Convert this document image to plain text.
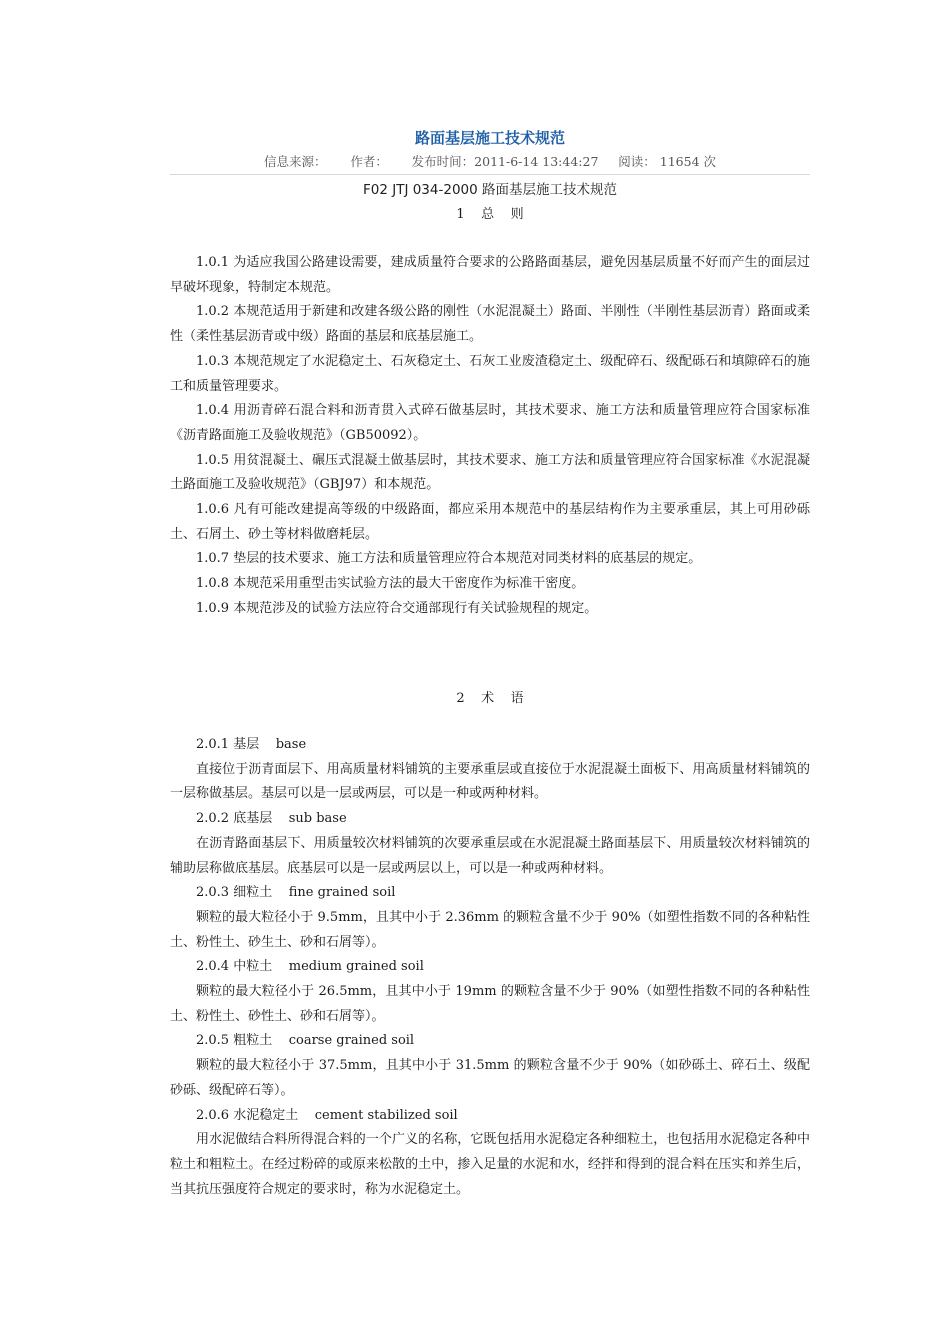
路面基层施工技术规范
信息来源：      作者：      发布时间：2011-6-14 13:44:27     阅读： 11654 次
F02 JTJ 034-2000 路面基层施工技术规范
1    总    则

1.0.1 为适应我国公路建设需要，建成质量符合要求的公路路面基层，避免因基层质量不好而产生的面层过早破坏现象，特制定本规范。

1.0.2 本规范适用于新建和改建各级公路的刚性（水泥混凝土）路面、半刚性（半刚性基层沥青）路面或柔性（柔性基层沥青或中级）路面的基层和底基层施工。

1.0.3 本规范规定了水泥稳定土、石灰稳定土、石灰工业废渣稳定土、级配碎石、级配砾石和填隙碎石的施工和质量管理要求。

1.0.4 用沥青碎石混合料和沥青贯入式碎石做基层时，其技术要求、施工方法和质量管理应符合国家标准《沥青路面施工及验收规范》（GB50092）。

1.0.5 用贫混凝土、碾压式混凝土做基层时，其技术要求、施工方法和质量管理应符合国家标准《水泥混凝土路面施工及验收规范》（GBJ97）和本规范。

1.0.6 凡有可能改建提高等级的中级路面，都应采用本规范中的基层结构作为主要承重层，其上可用砂砾土、石屑土、砂土等材料做磨耗层。

1.0.7 垫层的技术要求、施工方法和质量管理应符合本规范对同类材料的底基层的规定。

1.0.8 本规范采用重型击实试验方法的最大干密度作为标准干密度。

1.0.9 本规范涉及的试验方法应符合交通部现行有关试验规程的规定。

2    术    语

2.0.1 基层    base

直接位于沥青面层下、用高质量材料铺筑的主要承重层或直接位于水泥混凝土面板下、用高质量材料铺筑的一层称做基层。基层可以是一层或两层，可以是一种或两种材料。

2.0.2 底基层    sub base

在沥青路面基层下、用质量较次材料铺筑的次要承重层或在水泥混凝土路面基层下、用质量较次材料铺筑的辅助层称做底基层。底基层可以是一层或两层以上，可以是一种或两种材料。

2.0.3 细粒土    fine grained soil

颗粒的最大粒径小于 9.5mm，且其中小于 2.36mm 的颗粒含量不少于 90%（如塑性指数不同的各种粘性土、粉性土、砂生土、砂和石屑等）。

2.0.4 中粒土    medium grained soil

颗粒的最大粒径小于 26.5mm，且其中小于 19mm 的颗粒含量不少于 90%（如塑性指数不同的各种粘性土、粉性土、砂性土、砂和石屑等）。

2.0.5 粗粒土    coarse grained soil

颗粒的最大粒径小于 37.5mm，且其中小于 31.5mm 的颗粒含量不少于 90%（如砂砾土、碎石土、级配砂砾、级配碎石等）。

2.0.6 水泥稳定土    cement stabilized soil

用水泥做结合料所得混合料的一个广义的名称，它既包括用水泥稳定各种细粒土，也包括用水泥稳定各种中粒土和粗粒土。在经过粉碎的或原来松散的土中，掺入足量的水泥和水，经拌和得到的混合料在压实和养生后，当其抗压强度符合规定的要求时，称为水泥稳定土。
